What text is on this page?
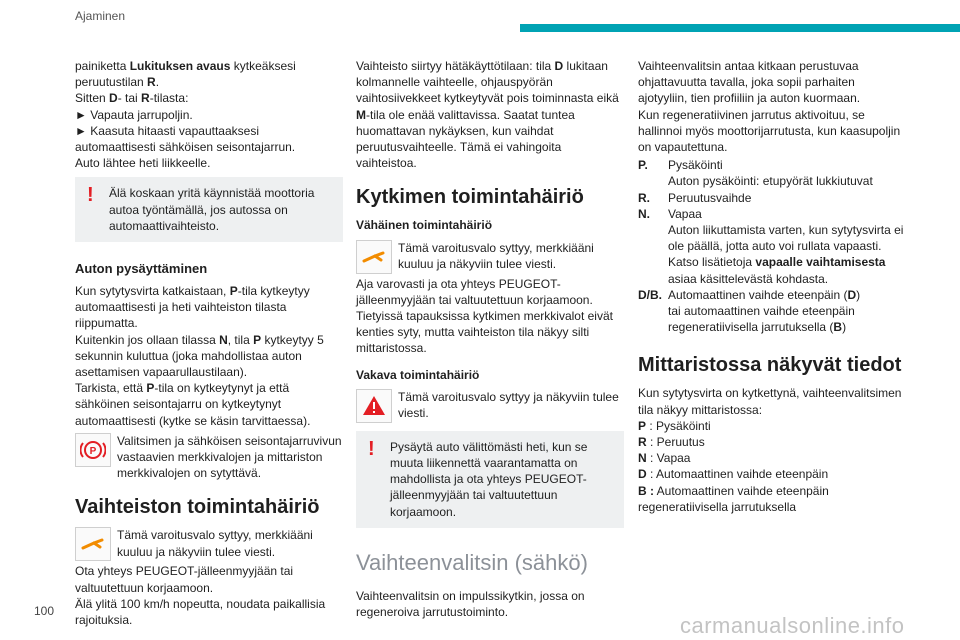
Ajaminen

painiketta Lukituksen avaus kytkeäksesi peruutustilan R.
Sitten D- tai R-tilasta:

► Vapauta jarrupoljin.

► Kaasuta hitaasti vapauttaaksesi automaattisesti sähköisen seisontajarrun.

Auto lähtee heti liikkeelle.

!	Älä koskaan yritä käynnistää moottoria autoa työntämällä, jos autossa on automaattivaihteisto.
Auton pysäyttäminen

Kun sytytysvirta katkaistaan, P-tila kytkeytyy automaattisesti ja heti vaihteiston tilasta riippumatta.

Kuitenkin jos ollaan tilassa N, tila P kytkeytyy 5 sekunnin kuluttua (joka mahdollistaa auton asettamisen vapaarullaustilaan).

Tarkista, että P-tila on kytkeytynyt ja että sähköinen seisontajarru on kytkeytynyt automaattisesti (kytke se käsin tarvittaessa).

P
Valitsimen ja sähköisen seisontajarruvivun vastaavien merkkivalojen ja mittariston merkkivalojen on sytyttävä.
Vaihteiston toimintahäiriö
Tämä varoitusvalo syttyy, merkkiääni kuuluu ja näkyviin tulee viesti.

Ota yhteys PEUGEOT-jälleenmyyjään tai valtuutettuun korjaamoon.

Älä ylitä 100 km/h nopeutta, noudata paikallisia rajoituksia.

Vaihteisto siirtyy hätäkäyttötilaan: tila D lukitaan kolmannelle vaihteelle, ohjauspyörän vaihtosiivekkeet kytkeytyvät pois toiminnasta eikä M-tila ole enää valittavissa. Saatat tuntea huomattavan nykäyksen, kun vaihdat peruutusvaihteelle. Tämä ei vahingoita vaihteistoa.

Kytkimen toimintahäiriö
Vähäinen toimintahäiriö
Tämä varoitusvalo syttyy, merkkiääni kuuluu ja näkyviin tulee viesti.

Aja varovasti ja ota yhteys PEUGEOT-jälleenmyyjään tai valtuutettuun korjaamoon.

Tietyissä tapauksissa kytkimen merkkivalot eivät kenties syty, mutta vaihteiston tila näkyy silti mittaristossa.

Vakava toimintahäiriö
Tämä varoitusvalo syttyy ja näkyviin tulee viesti.
!	Pysäytä auto välittömästi heti, kun se muuta liikennettä vaarantamatta on mahdollista ja ota yhteys PEUGEOT-jälleenmyyjään tai valtuutettuun korjaamoon.
Vaihteenvalitsin (sähkö)

Vaihteenvalitsin on impulssikytkin, jossa on regeneroiva jarrutustoiminto.

Vaihteenvalitsin antaa kitkaan perustuvaa ohjattavuutta tavalla, joka sopii parhaiten ajotyyliin, tien profiiliin ja auton kuormaan.

Kun regeneratiivinen jarrutus aktivoituu, se hallinnoi myös moottorijarrutusta, kun kaasupoljin on vapautettuna.

P.	Pysäköinti
Auton pysäköinti: etupyörät lukkiutuvat
R.	Peruutusvaihde
N.	Vapaa
Auton liikuttamista varten, kun sytytysvirta ei ole päällä, jotta auto voi rullata vapaasti.
Katso lisätietoja vapaalle vaihtamisesta asiaa käsittelevästä kohdasta.
D/B. Automaattinen vaihde eteenpäin (D)
tai automaattinen vaihde eteenpäin regeneratiivisella jarrutuksella (B)
Mittaristossa näkyvät tiedot

Kun sytytysvirta on kytkettynä, vaihteenvalitsimen tila näkyy mittaristossa:

P : Pysäköinti

R : Peruutus

N : Vapaa

D : Automaattinen vaihde eteenpäin

B : Automaattinen vaihde eteenpäin regeneratiivisella jarrutuksella

100
carmanualsonline.info
